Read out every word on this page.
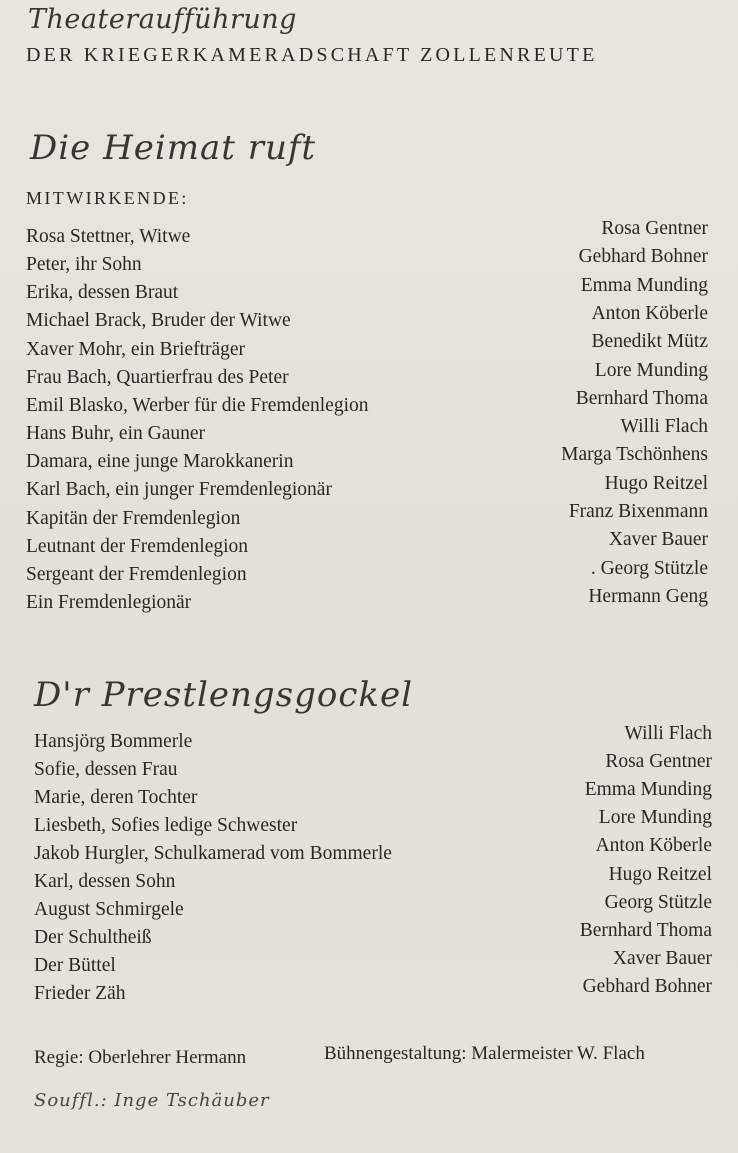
Theateraufführung
DER KRIEGERKAMERADSCHAFT ZOLLENREUTE
Die Heimat ruft
MITWIRKENDE:
Rosa Stettner, Witwe	Rosa Gentner
Peter, ihr Sohn	Gebhard Bohner
Erika, dessen Braut	Emma Munding
Michael Brack, Bruder der Witwe	Anton Köberle
Xaver Mohr, ein Briefträger	Benedikt Mütz
Frau Bach, Quartierfrau des Peter	Lore Munding
Emil Blasko, Werber für die Fremdenlegion	Bernhard Thoma
Hans Buhr, ein Gauner	Willi Flach
Damara, eine junge Marokkanerin	Marga Tschönhens
Karl Bach, ein junger Fremdenlegionär	Hugo Reitzel
Kapitän der Fremdenlegion	Franz Bixenmann
Leutnant der Fremdenlegion	Xaver Bauer
Sergeant der Fremdenlegion	. Georg Stützle
Ein Fremdenlegionär	Hermann Geng
D'r Prestlengsgockel
Hansjörg Bommerle	Willi Flach
Sofie, dessen Frau	Rosa Gentner
Marie, deren Tochter	Emma Munding
Liesbeth, Sofies ledige Schwester	Lore Munding
Jakob Hurgler, Schulkamerad vom Bommerle	Anton Köberle
Karl, dessen Sohn	Hugo Reitzel
August Schmirgele	Georg Stützle
Der Schultheiß	Bernhard Thoma
Der Büttel	Xaver Bauer
Frieder Zäh	Gebhard Bohner
Regie: Oberlehrer Hermann	Bühnengestaltung: Malermeister W. Flach
Souffl.: Inge Tschäuber
